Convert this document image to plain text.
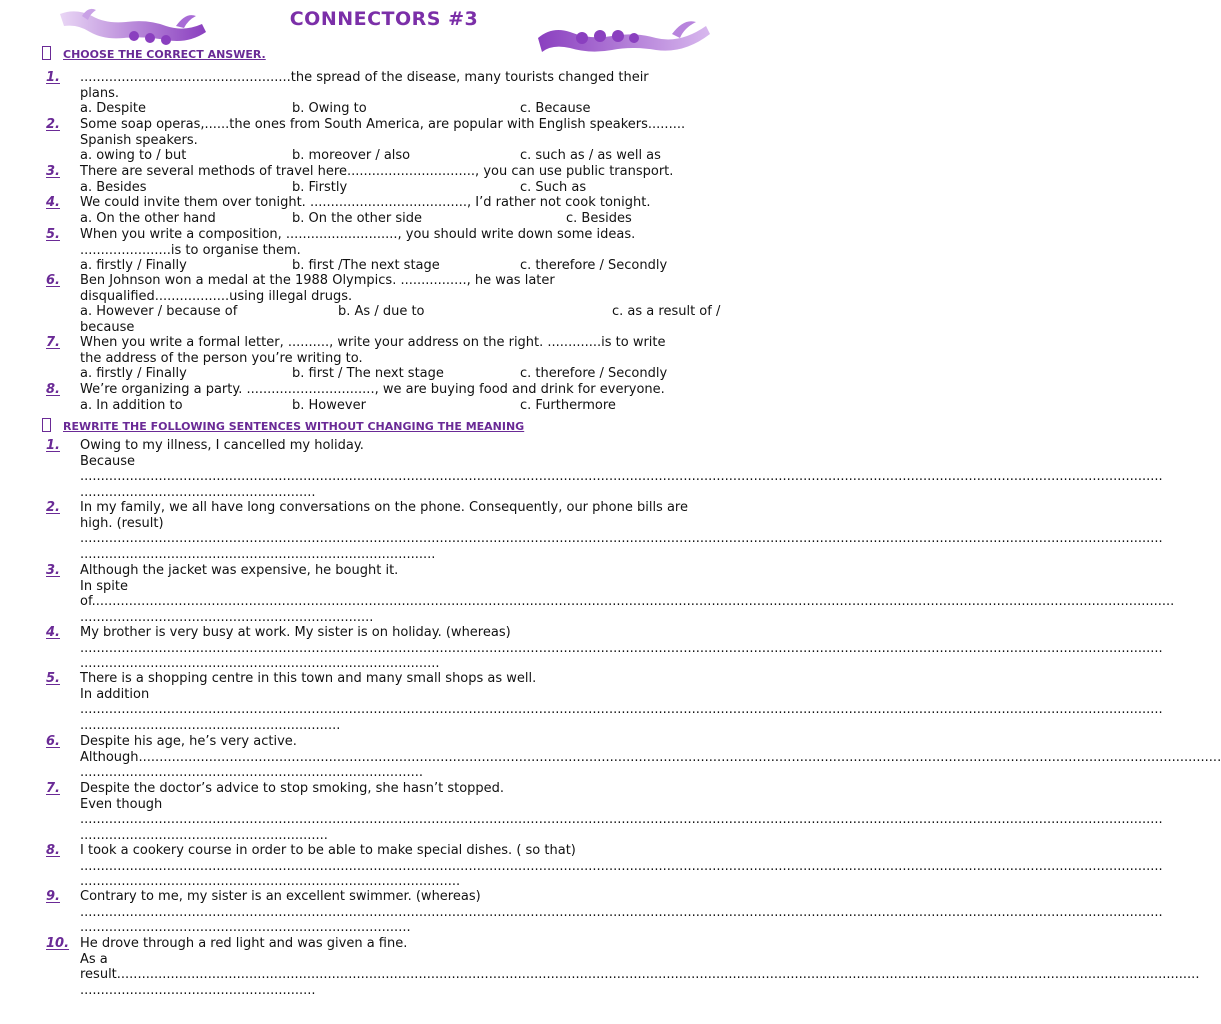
CONNECTORS #3
CHOOSE THE CORRECT ANSWER.
1.	...................................................the spread of the disease, many tourists changed their
plans.
a. Despite	b. Owing to	c. Because
2.	Some soap operas,......the ones from South America, are popular with English speakers.........
Spanish speakers.
a. owing to / but	b. moreover / also	c. such as / as well as
3.	There are several methods of travel here..............................., you can use public transport.
a. Besides	b. Firstly	c. Such as
4.	We could invite them over tonight. ......................................, I’d rather not cook tonight.
a. On the other hand	b. On the other side	c. Besides
5.	When you write a composition, ..........................., you should write down some ideas.
......................is to organise them.
a. firstly / Finally	b. first /The next stage	c. therefore / Secondly
6.	Ben Johnson won a medal at the 1988 Olympics. ................, he was later
disqualified..................using illegal drugs.
a. However / because of	b. As / due to	c. as a result of /
because
7.	When you write a formal letter, .........., write your address on the right. .............is to write
the address of the person you’re writing to.
a. firstly / Finally	b. first / The next stage	c. therefore / Secondly
8.	We’re organizing a party. ..............................., we are buying food and drink for everyone.
a. In addition to	b. However	c. Furthermore
REWRITE THE FOLLOWING SENTENCES WITHOUT CHANGING THE MEANING
1.	Owing to my illness, I cancelled my holiday.
Because
......................................................................................................................................................................................................................................................................
.........................................................
2.	In my family, we all have long conversations on the phone. Consequently, our phone bills are
high. (result)
......................................................................................................................................................................................................................................................................
......................................................................................
3.	Although the jacket was expensive, he bought it.
In spite
of......................................................................................................................................................................................................................................................................
.......................................................................
4.	My brother is very busy at work. My sister is on holiday. (whereas)
......................................................................................................................................................................................................................................................................
.......................................................................................
5.	There is a shopping centre in this town and many small shops as well.
In addition
......................................................................................................................................................................................................................................................................
...............................................................
6.	Despite his age, he’s very active.
Although......................................................................................................................................................................................................................................................................
...................................................................................
7.	Despite the doctor’s advice to stop smoking, she hasn’t stopped.
Even though
......................................................................................................................................................................................................................................................................
............................................................
8.	I took a cookery course in order to be able to make special dishes. ( so that)
......................................................................................................................................................................................................................................................................
............................................................................................
9.	Contrary to me, my sister is an excellent swimmer. (whereas)
......................................................................................................................................................................................................................................................................
................................................................................
10. He drove through a red light and was given a fine.
As a
result......................................................................................................................................................................................................................................................................
.........................................................
